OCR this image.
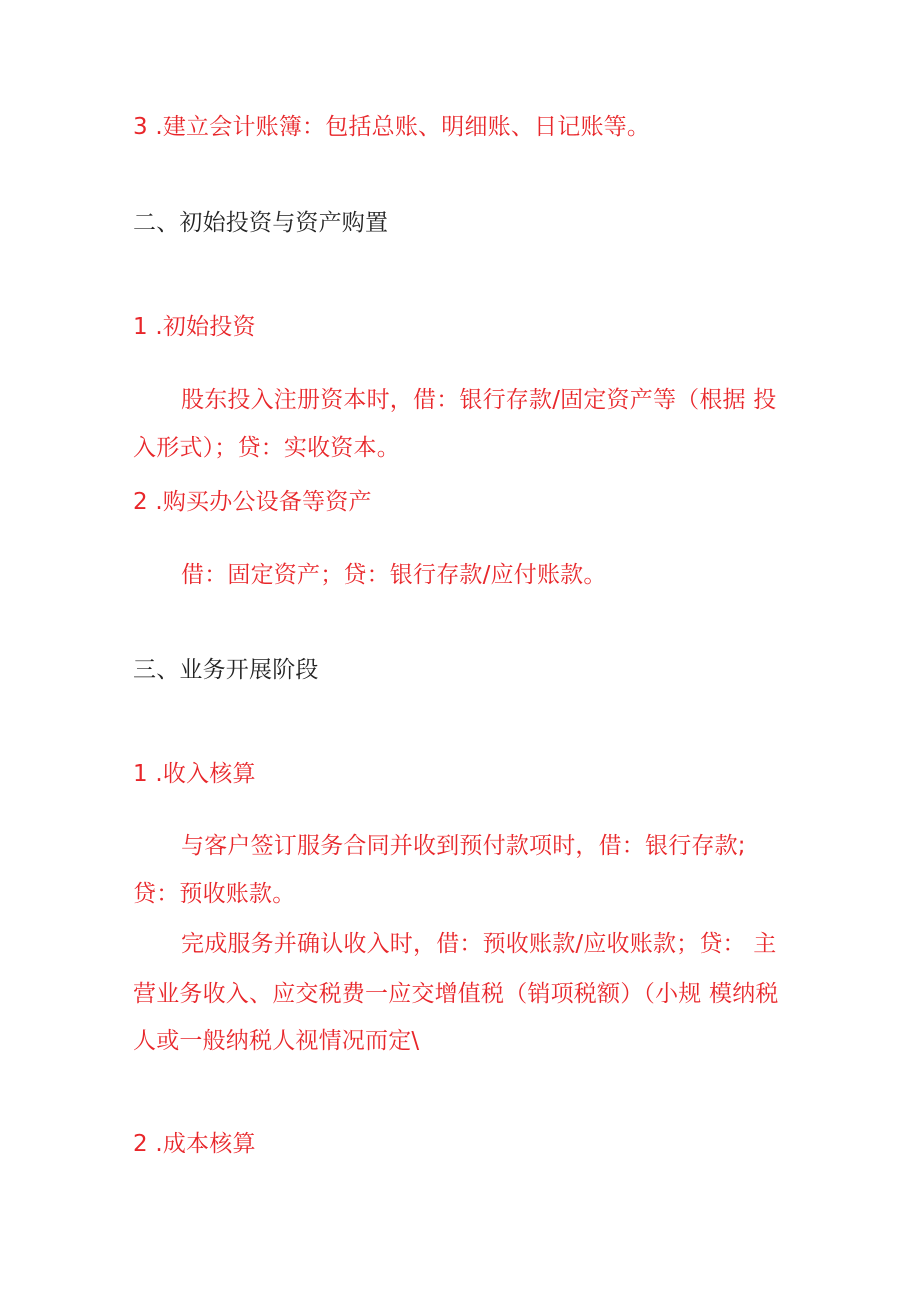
3 .建立会计账簿：包括总账、明细账、日记账等。

二、初始投资与资产购置

1 .初始投资

股东投入注册资本时，借：银行存款/固定资产等（根据 投

入形式）；贷：实收资本。

2 .购买办公设备等资产

借：固定资产；贷：银行存款/应付账款。

三、业务开展阶段

1 .收入核算

与客户签订服务合同并收到预付款项时，借：银行存款;

贷：预收账款。

完成服务并确认收入时，借：预收账款/应收账款；贷： 主

营业务收入、应交税费一应交增值税（销项税额）（小规 模纳税

人或一般纳税人视情况而定\

2 .成本核算
